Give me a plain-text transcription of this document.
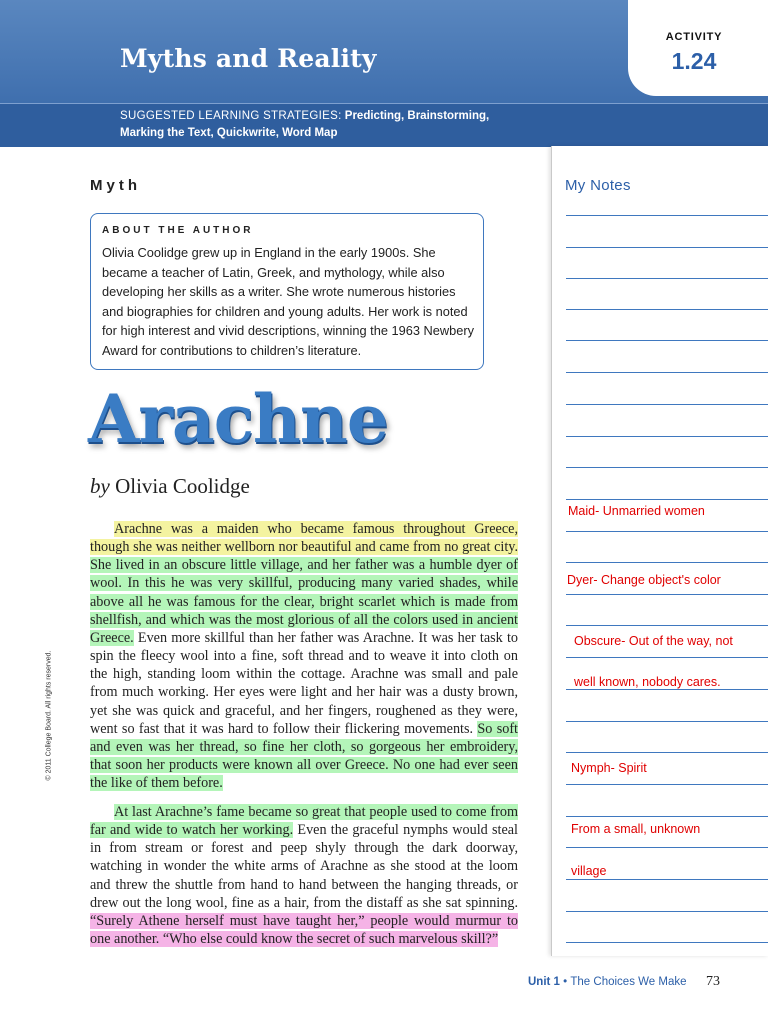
Myths and Reality
SUGGESTED LEARNING STRATEGIES: Predicting, Brainstorming,
Marking the Text, Quickwrite, Word Map
ACTIVITY
1.24
Myth
ABOUT THE AUTHOR
Olivia Coolidge grew up in England in the early 1900s. She became a teacher of Latin, Greek, and mythology, while also developing her skills as a writer. She wrote numerous histories and biographies for children and young adults. Her work is noted for high interest and vivid descriptions, winning the 1963 Newbery Award for contributions to children’s literature.
Arachne
by Olivia Coolidge

Arachne was a maiden who became famous throughout Greece, though she was neither wellborn nor beautiful and came from no great city. She lived in an obscure little village, and her father was a humble dyer of wool. In this he was very skillful, producing many varied shades, while above all he was famous for the clear, bright scarlet which is made from shellfish, and which was the most glorious of all the colors used in ancient Greece. Even more skillful than her father was Arachne. It was her task to spin the fleecy wool into a fine, soft thread and to weave it into cloth on the high, standing loom within the cottage. Arachne was small and pale from much working. Her eyes were light and her hair was a dusty brown, yet she was quick and graceful, and her fingers, roughened as they were, went so fast that it was hard to follow their flickering movements. So soft and even was her thread, so fine her cloth, so gorgeous her embroidery, that soon her products were known all over Greece. No one had ever seen the like of them before.

At last Arachne’s fame became so great that people used to come from far and wide to watch her working. Even the graceful nymphs would steal in from stream or forest and peep shyly through the dark doorway, watching in wonder the white arms of Arachne as she stood at the loom and threw the shuttle from hand to hand between the hanging threads, or drew out the long wool, fine as a hair, from the distaff as she sat spinning. “Surely Athene herself must have taught her,” people would murmur to one another. “Who else could know the secret of such marvelous skill?”

© 2011 College Board. All rights reserved.
My Notes
Maid- Unmarried women
Dyer- Change object's color
Obscure- Out of the way, not
well known, nobody cares.
Nymph- Spirit
From a small, unknown
village
Unit 1 • The Choices We Make 73
